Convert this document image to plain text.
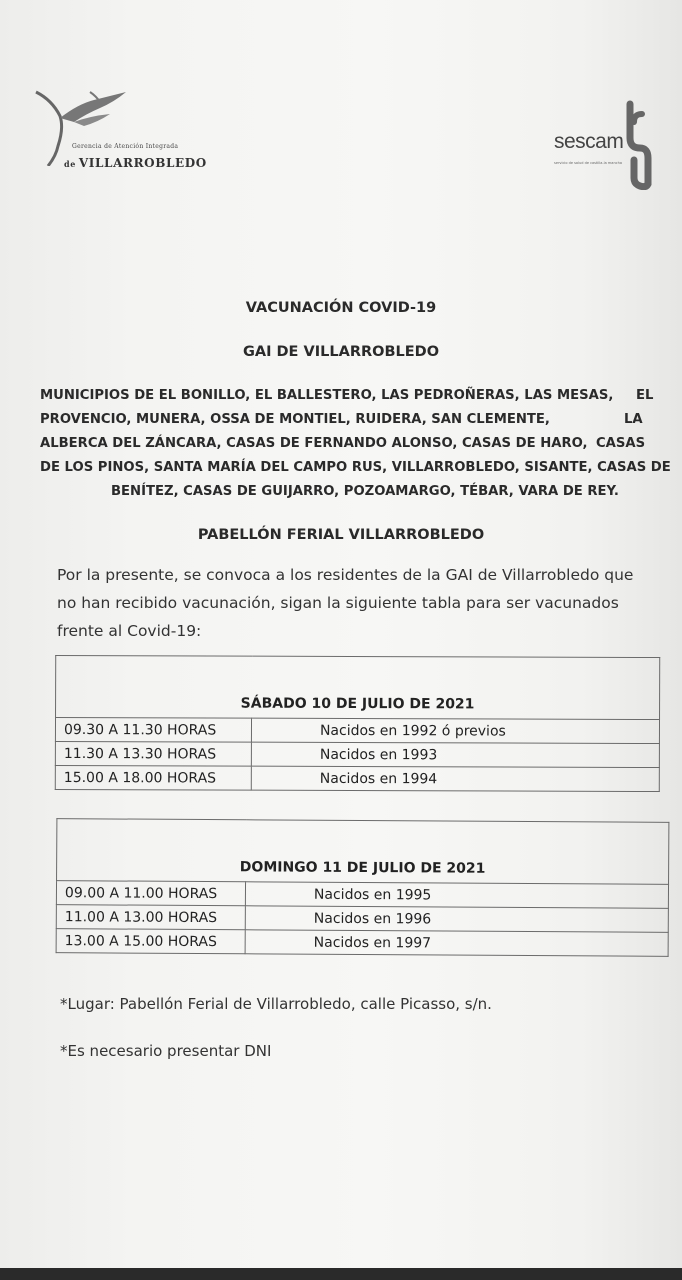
Gerencia de Atención Integrada
de VILLARROBLEDO
sescam
servicio de salud de castilla-la mancha
VACUNACIÓN COVID-19
GAI DE VILLARROBLEDO
MUNICIPIOS DE EL BONILLO, EL BALLESTERO, LAS PEDROÑERAS, LAS MESAS, EL
PROVENCIO, MUNERA, OSSA DE MONTIEL, RUIDERA, SAN CLEMENTE,	LA
ALBERCA DEL ZÁNCARA, CASAS DE FERNANDO ALONSO, CASAS DE HARO, CASAS
DE LOS PINOS, SANTA MARÍA DEL CAMPO RUS, VILLARROBLEDO, SISANTE, CASAS DE
BENÍTEZ, CASAS DE GUIJARRO, POZOAMARGO, TÉBAR, VARA DE REY.
PABELLÓN FERIAL VILLARROBLEDO
Por la presente, se convoca a los residentes de la GAI de Villarrobledo que
no han recibido vacunación, sigan la siguiente tabla para ser vacunados
frente al Covid-19:
SÁBADO 10 DE JULIO DE 2021	
09.30 A 11.30 HORAS	Nacidos en 1992 ó previos
11.30 A 13.30 HORAS	Nacidos en 1993
15.00 A 18.00 HORAS	Nacidos en 1994
DOMINGO 11 DE JULIO DE 2021	
09.00 A 11.00 HORAS	Nacidos en 1995
11.00 A 13.00 HORAS	Nacidos en 1996
13.00 A 15.00 HORAS	Nacidos en 1997
*Lugar: Pabellón Ferial de Villarrobledo, calle Picasso, s/n.
*Es necesario presentar DNI
